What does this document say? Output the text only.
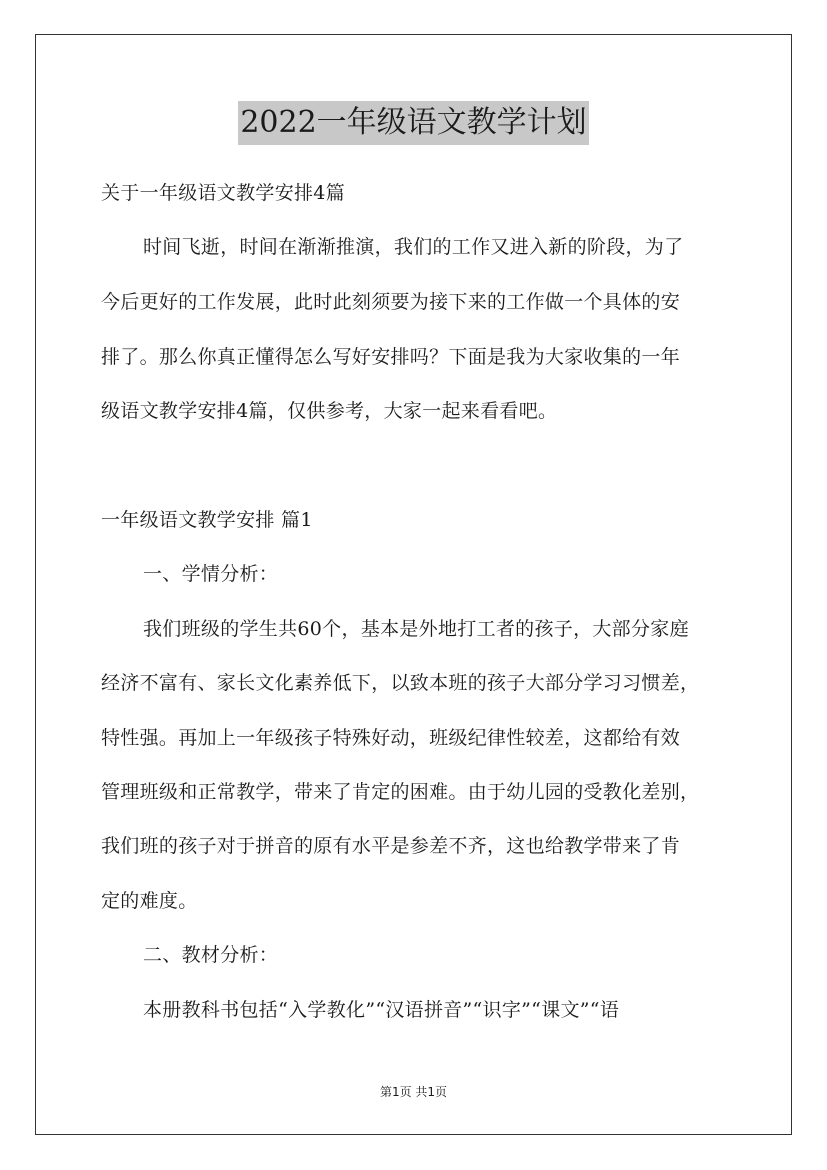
2022一年级语文教学计划
关于一年级语文教学安排4篇
时间飞逝，时间在渐渐推演，我们的工作又进入新的阶段，为了
今后更好的工作发展，此时此刻须要为接下来的工作做一个具体的安
排了。那么你真正懂得怎么写好安排吗？下面是我为大家收集的一年
级语文教学安排4篇，仅供参考，大家一起来看看吧。
一年级语文教学安排 篇1
一、学情分析：
我们班级的学生共60个，基本是外地打工者的孩子，大部分家庭
经济不富有、家长文化素养低下，以致本班的孩子大部分学习习惯差，
特性强。再加上一年级孩子特殊好动，班级纪律性较差，这都给有效
管理班级和正常教学，带来了肯定的困难。由于幼儿园的受教化差别，
我们班的孩子对于拼音的原有水平是参差不齐，这也给教学带来了肯
定的难度。
二、教材分析：
本册教科书包括“入学教化”“汉语拼音”“识字”“课文”“语
第1页 共1页
